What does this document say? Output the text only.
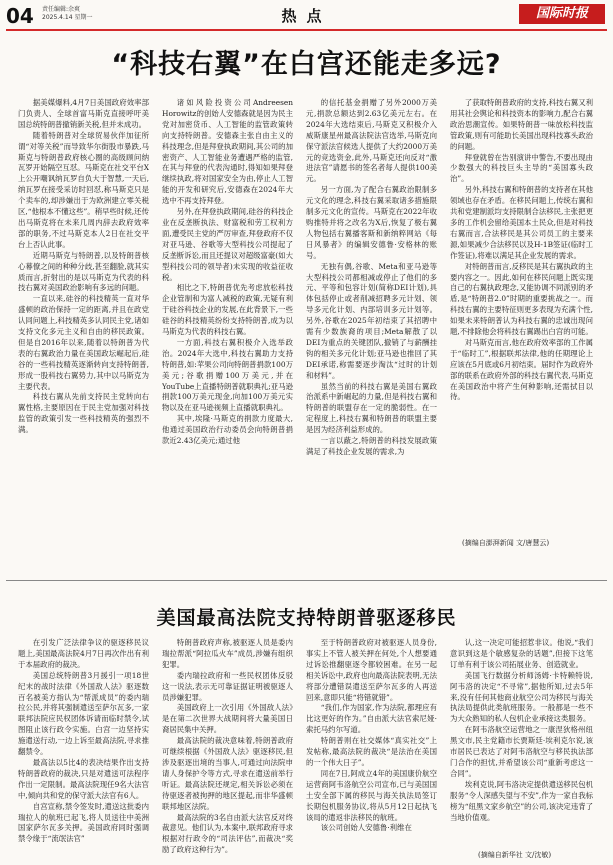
04 责任编辑:余爽
2025.4.14 星期一	热点	国际时报
“科技右翼”在白宫还能走多远?

据美媒爆料,4月7日美国政府效率部门负责人、全球首富马斯克直接呼吁美国总统特朗普撤销新关税,但并未成功。

随着特朗普对全球贸易伙伴加征所谓“对等关税”而导致华尔街股市暴跌,马斯克与特朗普政府核心圈的高级顾问纳瓦罗开始隔空互怼。马斯克在社交平台X上公开嘲讽纳瓦罗自负大于智慧,一天后,纳瓦罗在接受采访时回怼,称马斯克只是个卖车的,却涉嫌出于为欧洲建立零关税区,“他根本不懂这些”。稍早些时候,还传出马斯克将在未来几周内辞去政府效率部的职务,不过马斯克本人2日在社交平台上否认此事。

近期马斯克与特朗普,以及特朗普核心幕僚之间的种种分歧,甚至翻脸,就其实质而言,折射出的是以马斯克为代表的科技右翼对美国政治影响有多远的问题。

一直以来,硅谷的科技精英一直对华盛顿的政治保持一定的距离,并且在政党认同问题上,科技精英多认同民主党,诸如支持文化多元主义和自由的移民政策。但是自2016年以来,随着以特朗普为代表的右翼政治力量在美国政坛崛起后,硅谷的一些科技精英逐渐转向支持特朗普,形成一股科技右翼势力,其中以马斯克为主要代表。

科技右翼从先前支持民主党转向右翼性格,主要原因在于民主党加强对科技监管的政策引发一些科技精英的强烈不满。

诸如风险投资公司Andreesen Horowitz的创始人安德森就是因为民主党对加密货币、人工智能的监管政策转向支持特朗普。安德森主张自由主义的科技理念,但是拜登执政期间,其公司的加密资产、人工智能业务遭遇严格的监管,在其与拜登的代表沟通时,得知如果拜登继续执政,将对国家安全为由,停止人工智能的开发和研究后,安德森在2024年大选中不再支持拜登。

另外,在拜登执政期间,硅谷的科技企业在反垄断执法、财富税和劳工权利方面,遭受民主党的严厉审查,拜登政府不仅对亚马逊、谷歌等大型科技公司提起了反垄断诉讼,而且还提议对超级富豪(如大型科技公司的领导者)未实现的收益征收税。

相比之下,特朗普优先考虑放松科技企业管制和为富人减税的政策,无疑有利于硅谷科技企业的发展,在此背景下,一些硅谷的科技精英纷纷支持特朗普,成为以马斯克为代表的科技右翼。

一方面,科技右翼积极介入选举政治。2024年大选中,科技右翼助力支持特朗普,如:苹果公司向特朗普捐款100万美元;谷歌捐赠100万美元,并在YouTube上直播特朗普就职典礼;亚马逊捐款100万美元现金,向加100万美元实物以及在亚马逊视频上直播就职典礼。

其中,埃隆·马斯克的捐款力度最大,他通过美国政治行动委员会向特朗普捐款近2.43亿美元;通过他

的信托基金捐赠了另外2000万美元,捐款总额达到2.63亿美元左右。在2024年大选结束后,马斯克又积极介入威斯康星州最高法院法官选举,马斯克向保守派法官候选人提供了大约2000万美元的竞选资金,此外,马斯克还向反对“激进法官”请愿书的签名者每人提供100美元。

另一方面,为了配合右翼政治限制多元文化的理念,科技右翼采取诸多措施限制多元文化的宣传。马斯克在2022年收购推特并将之改名为X后,恢复了极右翼人物包括右翼播客斯和新纳粹网站《每日风暴者》的编辑安德鲁·安格林的账号。

无独有偶,谷歌、Meta和亚马逊等大型科技公司都相减或停止了他们的多元、平等和包容计划(简称DEI计划),具体包括停止或者削减招聘多元计划、领导多元化计划、内部培训多元计划等。另外,谷歌在2025年初结束了其招聘中需有少数族裔的项目;Meta解散了以DEI为重点的关键团队,撤销了与薪酬挂钩的相关多元化计划;亚马逊也推回了其DEI承诺,称需要逐步淘汰“过时的计划和材料”。

虽然当前的科技右翼是美国右翼政治派系中新崛起的力量,但是科技右翼和特朗普的联盟存在一定的脆弱性。在一定程度上,科技右翼和特朗普的联盟主要是因为经济利益形成的。

一言以蔽之,特朗普的科技发展政策满足了科技企业发展的需求,为

了获取特朗普政府的支持,科技右翼又利用其社会舆论和科技资本的影响力,配合右翼政治思潮宣传。如果特朗普一味放松科技监管政策,则有可能助长美国出现科技寡头政治的问题。

拜登就曾在告别演讲中警告,不要出现由少数强大的科技巨头主导的“美国寡头政治”。

另外,科技右翼和特朗普的支持者在其他领域也存在矛盾。在移民问题上,传统右翼和共和党建制派均支持限制合法移民,主张把更多的工作机会留给美国本土民众,但是对科技右翼而言,合法移民是其公司员工的主要来源,如果减少合法移民以及H-1B签证(临时工作签证),将难以满足其企业发展的需求。

对特朗普而言,反移民是其右翼执政的主要内容之一。因此,如何在移民问题上既实现自己的右翼执政理念,又能协调不同派别的矛盾,是“特朗普2.0”时期的重要挑战之一。而科技右翼的主要特征则更多表现为充满个性,如果未来特朗普认为科技右翼的忠诚出现问题,不排除他会将科技右翼踢出白宫的可能。

对马斯克而言,他在政府效率部的工作属于“临时工”,根据联邦法律,他的任期理论上应该在5月底或6月初结束。届时作为政府外部的联系在政府外部的科技右翼代表,马斯克在美国政治中将产生何种影响,还需拭目以待。

(摘编自澎湃新闻 文/唐慧云)
美国最高法院支持特朗普驱逐移民

在引发广泛法律争议的驱逐移民议题上,美国最高法院4月7日再次作出有利于本届政府的裁决。

美国总统特朗普3月援引一项18世纪末的战时法律《外国敌人法》驱逐数百名被美方指认为“帮派成员”的委内瑞拉公民,并将其强制遣送至萨尔瓦多,一家联邦法院应民权团体诉请而临时禁令,试图阻止该行政令实施。白宫一边坚持实施遣送行动,一边上诉至最高法院,寻求推翻禁令。

最高法以5比4的表决结果作出支持特朗普政府的裁决,只是对遣送可法程序作出一定限制。最高法院现任9名大法官中,倾向共和党的保守派大法官有6人。

自宫宣称,禁令签发时,遣送这批委内瑞拉人的航班已起飞,将人员送往中美洲国家萨尔瓦多关押。美国政府同时强调禁令缘于“流氓法官”

特朗普政府声称,被驱逐人员是委内瑞拉帮派“阿拉瓜火车”成员,涉嫌有组织犯罪。

委内瑞拉政府和一些民权团体反驳这一说法,表示无可靠证据证明被驱逐人员涉嫌犯罪。

美国政府上一次引用《外国敌人法》是在第二次世界大战期间将大量美国日裔居民集中关押。

最高法院的裁决意味着,特朗普政府可继续根据《外国敌人法》驱逐移民,但涉及驱逐出境的当事人,可通过向法院申请人身保护令等方式,寻求在遣送前举行听证。最高法院还规定,相关诉讼必须在待驱逐者被拘押的地区提起,而非华盛顿联邦地区法院。

最高法院的3名自由派大法官反对终裁意见。他们认为,本案中,联邦政府寻求根据对行政令的“司法评估”,而裁决“奖励了政府这种行为”。

至于特朗普政府对被驱逐人员身份,事实上不管人被关押在何处,个人想要通过诉讼推翻驱逐令都较困难。在另一起相关诉讼中,政府也向最高法院表明,无法将部分遭错误遣送至萨尔瓦多的人再送回来,意即只能“将错就错”。

“我们,作为国家,作为法院,都理应有比这更好的作为。”自由派大法官索尼娅·索托马约尔写道。

特朗普则在社交媒体“真实社交”上发帖称,最高法院的裁决“是法治在美国的一个伟大日子”。

同在7日,阿成立4年的美国康价航空运营商阿韦洛航空公司宣布,已与美国国土安全部下属的移民与海关执法局签订长期包机服务协议,将从5月12日起执飞该局的遣返非法移民的航班。

该公司创始人安德鲁·利维在

认,这一决定可能招惹非议。他说,“我们意识到这是个敏感复杂的话题”,但接下这笔订单有利于该公司拓展业务、创造就业。

美国飞行数据分析师汤姆·卡特赖特说,阿韦洛的决定“不寻常”,据他所知,过去5年来,没有任何其他商业航空公司为移民与海关执法局提供此类航班服务。一般都是一些不为大众熟知的私人包机企业承接这类服务。

在阿韦洛航空运营地之一康涅狄格州纽黑文市,民主党籍市长贾斯廷·埃利克尔说,该市居民已表达了对阿韦洛航空与移民执法部门合作的担忧,并希望该公司“重新考虑这一合同”。

埃利克说,阿韦洛决定提供遣送移民包机服务“令人深感失望与不安”,作为一家自我标榜为“纽黑文家乡航空”的公司,该决定违背了当地价值观。

(摘编自新华社 文/沈敏)
